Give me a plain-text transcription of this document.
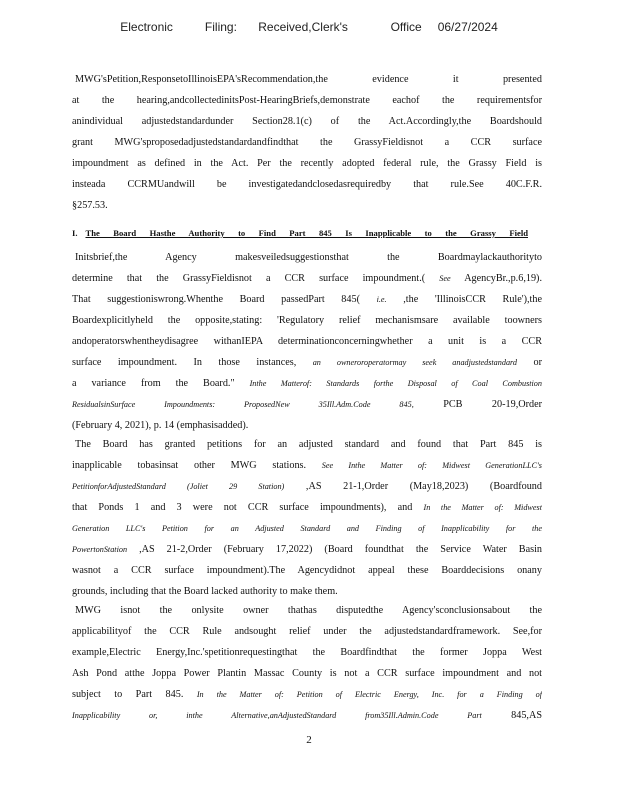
Electronic      Filing:    Received,Clerk's        Office   06/27/2024
MWG'sPetition,ResponsetoIllinoisEPA'sRecommendation,the evidence it presented
at the hearing,andcollectedinitsPost-HearingBriefs,demonstrate eachof the requirementsfor
anindividual adjustedstandardunder Section28.1(c) of the Act.Accordingly,the Boardshould
grant MWG'sproposedadjustedstandardandfindthat the GrassyFieldisnot a CCR surface
impoundment as defined in the Act. Per the recently adopted federal rule, the Grassy Field is
insteada CCRMUandwill be investigatedandclosedasrequiredby that rule.See 40C.F.R.
§257.53.
I. The Board Hasthe Authority to Find Part 845 Is Inapplicable to the Grassy Field
Initsbrief,the Agency makesveiledsuggestionsthat the Boardmaylackauthorityto
determine that the GrassyFieldisnot a CCR surface impoundment.( See AgencyBr.,p.6,19).
That suggestioniswrong.Whenthe Board passedPart 845( i.e. ,the 'IllinoisCCR Rule'),the
Boardexplicitlyheld the opposite,stating: 'Regulatory relief mechanismsare available toowners
andoperatorswhentheydisagree withanIEPA determinationconcerningwhether a unit is a CCR
surface impoundment. In those instances, an owneroroperatormay seek anadjustedstandard or
a variance from the Board." Inthe Matterof: Standards forthe Disposal of Coal Combustion
ResidualsinSurface Impoundments: ProposedNew 35Ill.Adm.Code 845, PCB 20-19,Order
(February 4, 2021), p. 14 (emphasisadded).
The Board has granted petitions for an adjusted standard and found that Part 845 is
inapplicable tobasinsat other MWG stations. See Inthe Matter of: Midwest GenerationLLC's
PetitionforAdjustedStandard (Joliet 29 Station) ,AS 21-1,Order (May18,2023) (Boardfound
that Ponds 1 and 3 were not CCR surface impoundments), and In the Matter of: Midwest
Generation LLC's Petition for an Adjusted Standard and Finding of Inapplicability for the
PowertonStation ,AS 21-2,Order (February 17,2022) (Board foundthat the Service Water Basin
wasnot a CCR surface impoundment).The Agencydidnot appeal these Boarddecisions onany
grounds, including that the Board lacked authority to make them.
MWG isnot the onlysite owner thathas disputedthe Agency'sconclusionsabout the
applicabilityof the CCR Rule andsought relief under the adjustedstandardframework. See,for
example,Electric Energy,Inc.'spetitionrequestingthat the Boardfindthat the former Joppa West
Ash Pond atthe Joppa Power Plantin Massac County is not a CCR surface impoundment and not
subject to Part 845. In the Matter of: Petition of Electric Energy, Inc. for a Finding of
Inapplicability or, inthe Alternative,anAdjustedStandard from35Ill.Admin.Code Part 845,AS
2
